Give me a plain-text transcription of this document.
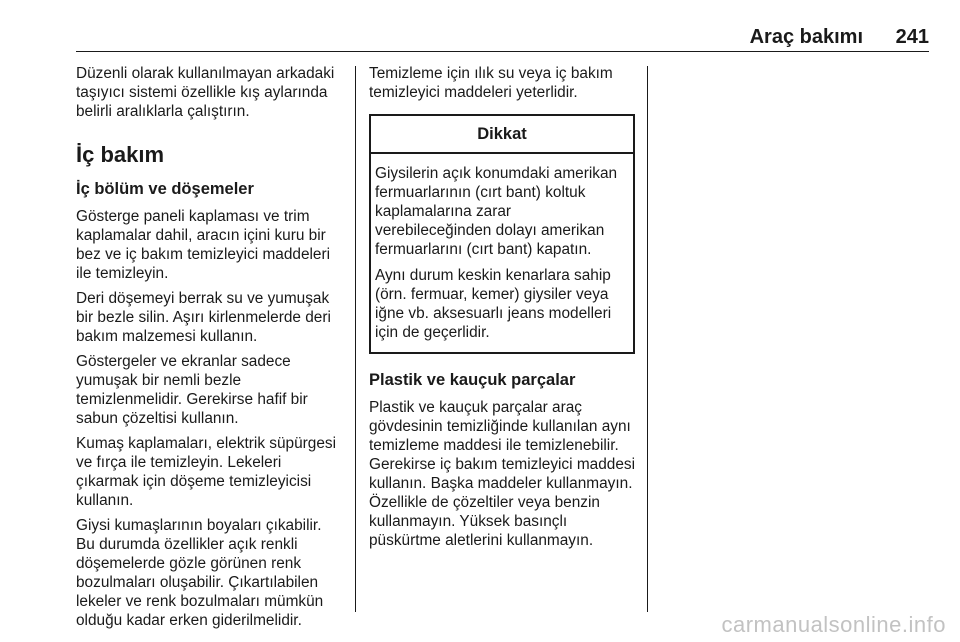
Araç bakımı 241

Düzenli olarak kullanılmayan arkadaki taşıyıcı sistemi özellikle kış aylarında belirli aralıklarla çalıştırın.

İç bakım
İç bölüm ve döşemeler

Gösterge paneli kaplaması ve trim kaplamalar dahil, aracın içini kuru bir bez ve iç bakım temizleyici maddeleri ile temizleyin.

Deri döşemeyi berrak su ve yumuşak bir bezle silin. Aşırı kirlenmelerde deri bakım malzemesi kullanın.

Göstergeler ve ekranlar sadece yumuşak bir nemli bezle temizlenmelidir. Gerekirse hafif bir sabun çözeltisi kullanın.

Kumaş kaplamaları, elektrik süpürgesi ve fırça ile temizleyin. Lekeleri çıkarmak için döşeme temizleyicisi kullanın.

Giysi kumaşlarının boyaları çıkabilir. Bu durumda özellikler açık renkli döşemelerde gözle görünen renk bozulmaları oluşabilir. Çıkartılabilen lekeler ve renk bozulmaları mümkün olduğu kadar erken giderilmelidir.

Temizleme için ılık su veya iç bakım temizleyici maddeleri yeterlidir.

Dikkat

Giysilerin açık konumdaki amerikan fermuarlarının (cırt bant) koltuk kaplamalarına zarar verebileceğinden dolayı amerikan fermuarlarını (cırt bant) kapatın.

Aynı durum keskin kenarlara sahip (örn. fermuar, kemer) giysiler veya iğne vb. aksesuarlı jeans modelleri için de geçerlidir.

Plastik ve kauçuk parçalar

Plastik ve kauçuk parçalar araç gövdesinin temizliğinde kullanılan aynı temizleme maddesi ile temizlenebilir. Gerekirse iç bakım temizleyici maddesi kullanın. Başka maddeler kullanmayın. Özellikle de çözeltiler veya benzin kullanmayın. Yüksek basınçlı püskürtme aletlerini kullanmayın.

carmanualsonline.info
